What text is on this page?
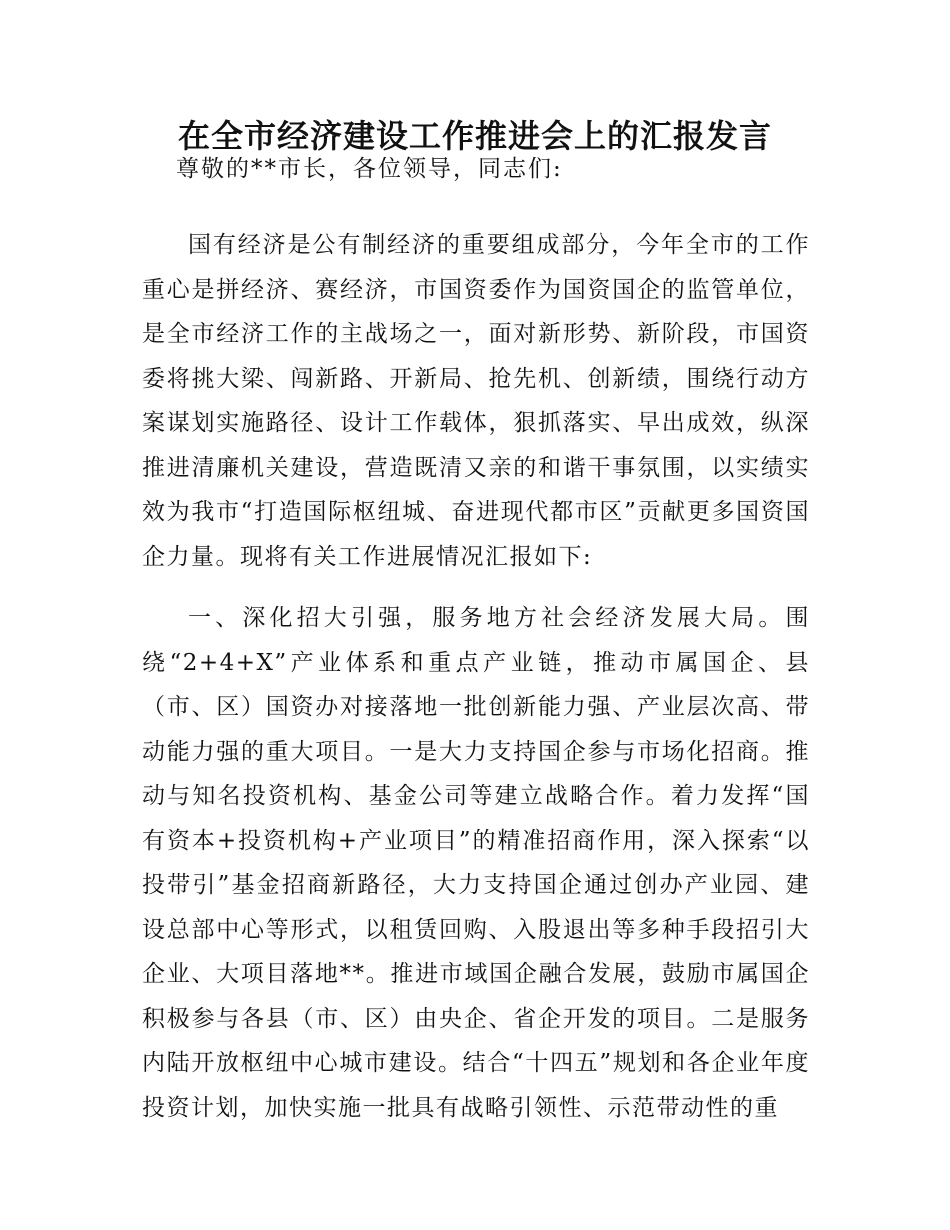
在全市经济建设工作推进会上的汇报发言

尊敬的**市长，各位领导，同志们:

国有经济是公有制经济的重要组成部分，今年全市的工作重心是拼经济、赛经济，市国资委作为国资国企的监管单位，是全市经济工作的主战场之一，面对新形势、新阶段，市国资委将挑大梁、闯新路、开新局、抢先机、创新绩，围绕行动方案谋划实施路径、设计工作载体，狠抓落实、早出成效，纵深推进清廉机关建设，营造既清又亲的和谐干事氛围，以实绩实效为我市“打造国际枢纽城、奋进现代都市区”贡献更多国资国企力量。现将有关工作进展情况汇报如下:

一、深化招大引强，服务地方社会经济发展大局。围绕“2+4+X”产业体系和重点产业链，推动市属国企、县（市、区）国资办对接落地一批创新能力强、产业层次高、带动能力强的重大项目。一是大力支持国企参与市场化招商。推动与知名投资机构、基金公司等建立战略合作。着力发挥“国有资本+投资机构+产业项目”的精准招商作用，深入探索“以投带引”基金招商新路径，大力支持国企通过创办产业园、建设总部中心等形式，以租赁回购、入股退出等多种手段招引大企业、大项目落地**。推进市域国企融合发展，鼓励市属国企积极参与各县（市、区）由央企、省企开发的项目。二是服务内陆开放枢纽中心城市建设。结合“十四五”规划和各企业年度投资计划，加快实施一批具有战略引领性、示范带动性的重
